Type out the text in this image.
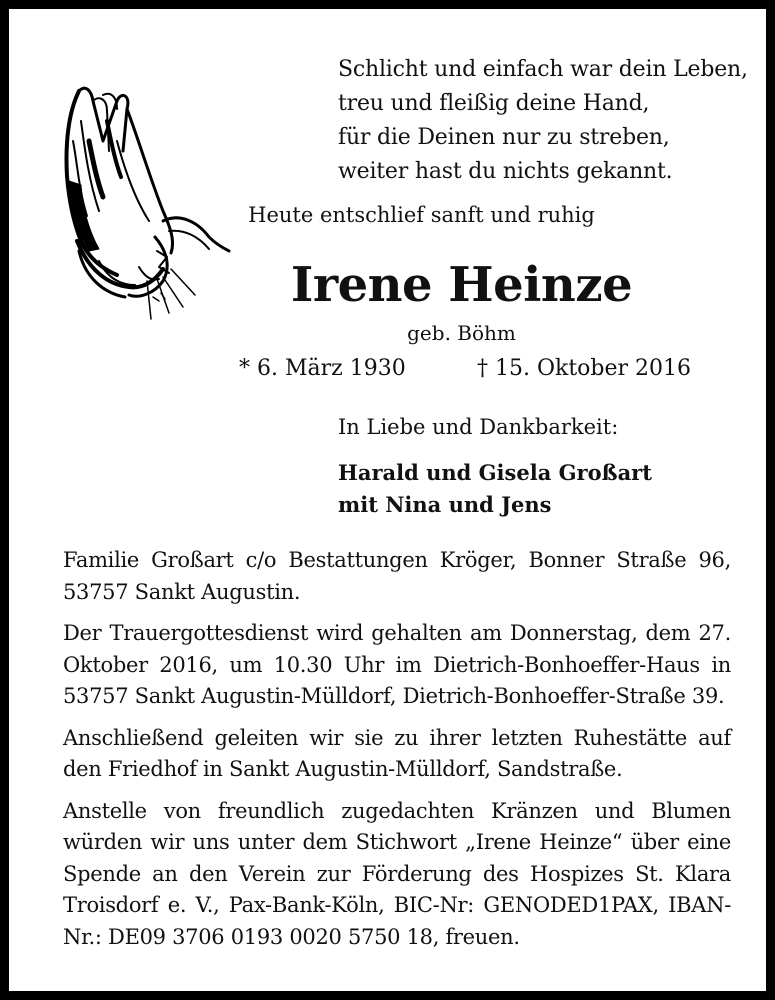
Schlicht und einfach war dein Leben,
treu und fleißig deine Hand,
für die Deinen nur zu streben,
weiter hast du nichts gekannt.
Heute entschlief sanft und ruhig
Irene Heinze
geb. Böhm
* 6. März 1930	† 15. Oktober 2016
In Liebe und Dankbarkeit:
Harald und Gisela Großart
mit Nina und Jens

Familie Großart c/o Bestattungen Kröger, Bonner Straße 96, 53757 Sankt Augustin.

Der Trauergottesdienst wird gehalten am Donnerstag, dem 27. Oktober 2016, um 10.30 Uhr im Dietrich-Bonhoeffer-Haus in 53757 Sankt Augustin-Mülldorf, Dietrich-Bonhoeffer-Straße 39.

Anschließend geleiten wir sie zu ihrer letzten Ruhestätte auf den Friedhof in Sankt Augustin-Mülldorf, Sandstraße.

Anstelle von freundlich zugedachten Kränzen und Blumen würden wir uns unter dem Stichwort „Irene Heinze“ über eine Spende an den Verein zur Förderung des Hospizes St. Klara Troisdorf e. V., Pax-Bank-Köln, BIC-Nr: GENODED1PAX, IBAN-Nr.: DE09 3706 0193 0020 5750 18, freuen.
